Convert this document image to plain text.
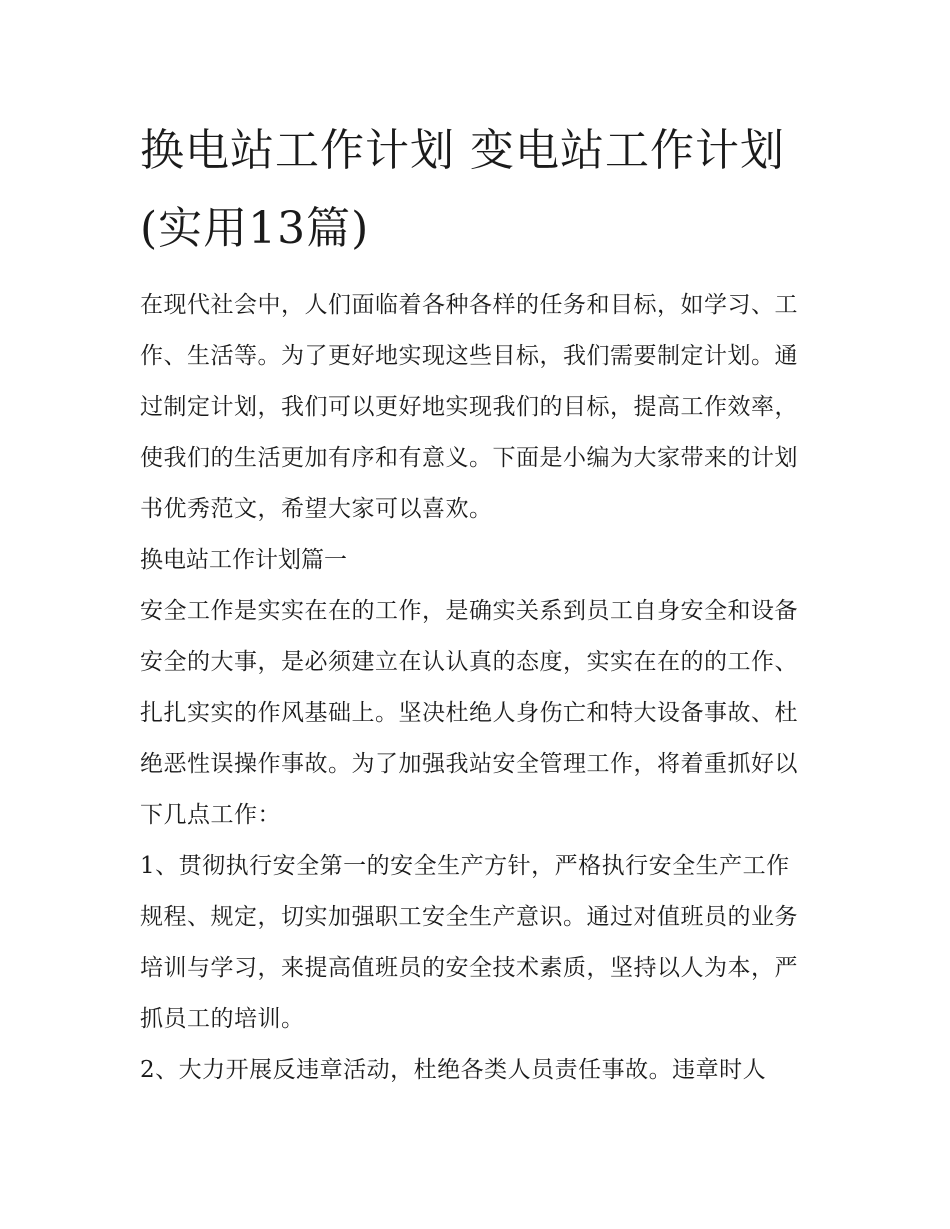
换电站工作计划 变电站工作计划(实用13篇)

在现代社会中，人们面临着各种各样的任务和目标，如学习、工作、生活等。为了更好地实现这些目标，我们需要制定计划。通过制定计划，我们可以更好地实现我们的目标，提高工作效率，使我们的生活更加有序和有意义。下面是小编为大家带来的计划书优秀范文，希望大家可以喜欢。

换电站工作计划篇一

安全工作是实实在在的工作，是确实关系到员工自身安全和设备安全的大事，是必须建立在认认真的态度，实实在在的的工作、扎扎实实的作风基础上。坚决杜绝人身伤亡和特大设备事故、杜绝恶性误操作事故。为了加强我站安全管理工作，将着重抓好以下几点工作：

1、贯彻执行安全第一的安全生产方针，严格执行安全生产工作规程、规定，切实加强职工安全生产意识。通过对值班员的业务培训与学习，来提高值班员的安全技术素质，坚持以人为本，严抓员工的培训。

2、大力开展反违章活动，杜绝各类人员责任事故。违章时人
